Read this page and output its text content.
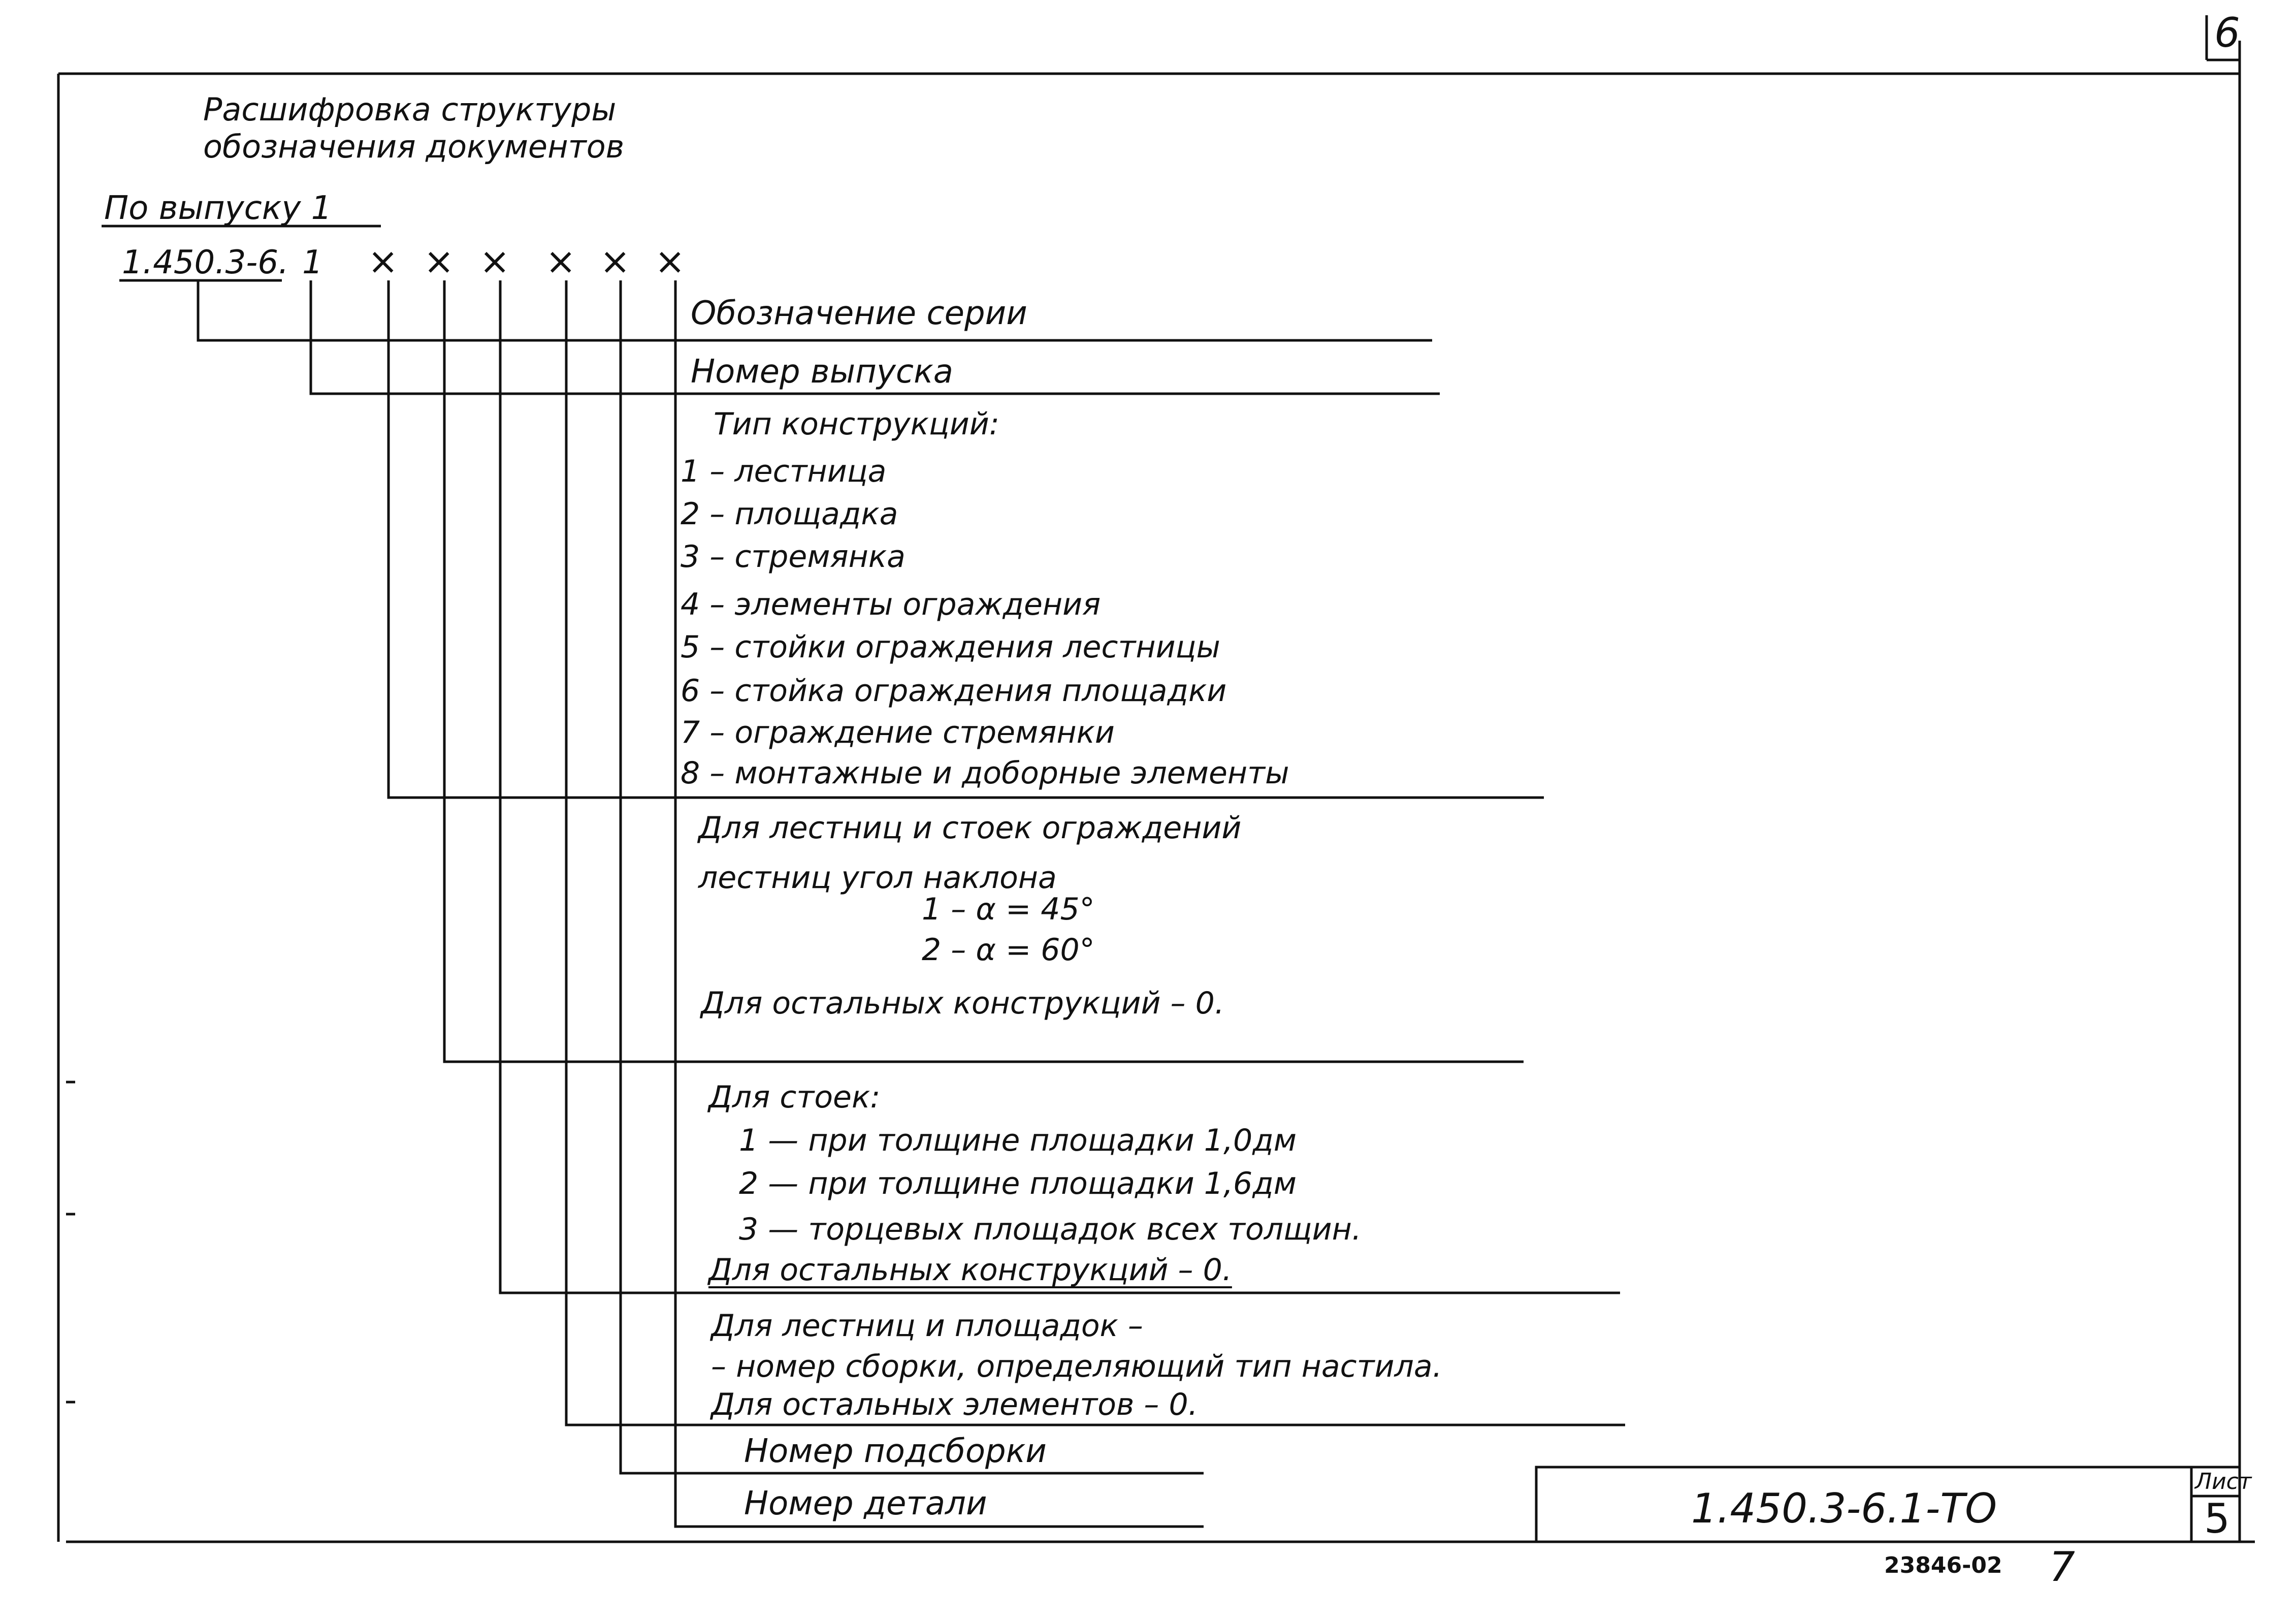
6
Расшифровка структуры
обозначения документов
По выпуску 1
1.450.3-6. 1 × × × × × ×
Обозначение серии
Номер выпуска
Тип конструкций:
1 – лестница
2 – площадка
3 – стремянка
4 – элементы ограждения
5 – стойки ограждения лестницы
6 – стойка ограждения площадки
7 – ограждение стремянки
8 – монтажные и доборные элементы
Для лестниц и стоек ограждений
лестниц угол наклона
1 – α = 45°
2 – α = 60°
Для остальных конструкций – 0.
Для стоек:
1 — при толщине площадки 1,0дм
2 — при толщине площадки 1,6дм
3 — торцевых площадок всех толщин.
Для остальных конструкций – 0.
Для лестниц и площадок –
– номер сборки, определяющий тип настила.
Для остальных элементов – 0.
Номер подсборки
Номер детали	1.450.3-6.1-ТО
Лист
5
23846-02 7
